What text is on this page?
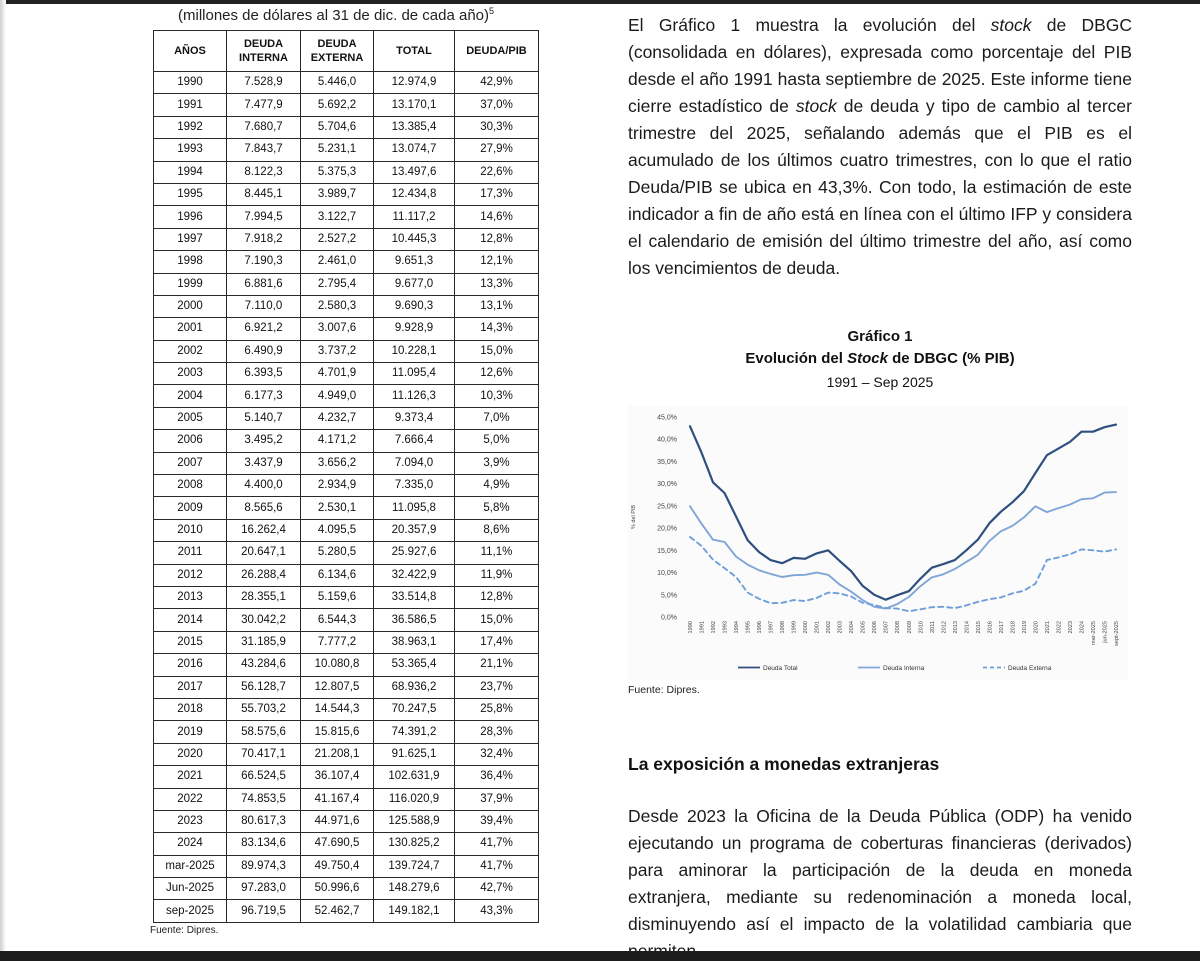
(millones de dólares al 31 de dic. de cada año)$^5$
AÑOS	DEUDA INTERNA	DEUDA EXTERNA	TOTAL	DEUDA/PIB
1990	7.528,9	5.446,0	12.974,9	42,9%
1991	7.477,9	5.692,2	13.170,1	37,0%
1992	7.680,7	5.704,6	13.385,4	30,3%
1993	7.843,7	5.231,1	13.074,7	27,9%
1994	8.122,3	5.375,3	13.497,6	22,6%
1995	8.445,1	3.989,7	12.434,8	17,3%
1996	7.994,5	3.122,7	11.117,2	14,6%
1997	7.918,2	2.527,2	10.445,3	12,8%
1998	7.190,3	2.461,0	9.651,3	12,1%
1999	6.881,6	2.795,4	9.677,0	13,3%
2000	7.110,0	2.580,3	9.690,3	13,1%
2001	6.921,2	3.007,6	9.928,9	14,3%
2002	6.490,9	3.737,2	10.228,1	15,0%
2003	6.393,5	4.701,9	11.095,4	12,6%
2004	6.177,3	4.949,0	11.126,3	10,3%
2005	5.140,7	4.232,7	9.373,4	7,0%
2006	3.495,2	4.171,2	7.666,4	5,0%
2007	3.437,9	3.656,2	7.094,0	3,9%
2008	4.400,0	2.934,9	7.335,0	4,9%
2009	8.565,6	2.530,1	11.095,8	5,8%
2010	16.262,4	4.095,5	20.357,9	8,6%
2011	20.647,1	5.280,5	25.927,6	11,1%
2012	26.288,4	6.134,6	32.422,9	11,9%
2013	28.355,1	5.159,6	33.514,8	12,8%
2014	30.042,2	6.544,3	36.586,5	15,0%
2015	31.185,9	7.777,2	38.963,1	17,4%
2016	43.284,6	10.080,8	53.365,4	21,1%
2017	56.128,7	12.807,5	68.936,2	23,7%
2018	55.703,2	14.544,3	70.247,5	25,8%
2019	58.575,6	15.815,6	74.391,2	28,3%
2020	70.417,1	21.208,1	91.625,1	32,4%
2021	66.524,5	36.107,4	102.631,9	36,4%
2022	74.853,5	41.167,4	116.020,9	37,9%
2023	80.617,3	44.971,6	125.588,9	39,4%
2024	83.134,6	47.690,5	130.825,2	41,7%
mar-2025	89.974,3	49.750,4	139.724,7	41,7%
Jun-2025	97.283,0	50.996,6	148.279,6	42,7%
sep-2025	96.719,5	52.462,7	149.182,1	43,3%
Fuente: Dipres.
El Gráfico 1 muestra la evolución del stock de DBGC (consolidada en dólares), expresada como porcentaje del PIB desde el año 1991 hasta septiembre de 2025. Este informe tiene cierre estadístico de stock de deuda y tipo de cambio al tercer trimestre del 2025, señalando además que el PIB es el acumulado de los últimos cuatro trimestres, con lo que el ratio Deuda/PIB se ubica en 43,3%. Con todo, la estimación de este indicador a fin de año está en línea con el último IFP y considera el calendario de emisión del último trimestre del año, así como los vencimientos de deuda.
Gráfico 1
Evolución del Stock de DBGC (% PIB)
1991 – Sep 2025
0,0%
5,0%
10,0%
15,0%
20,0%
25,0%
30,0%
35,0%
40,0%
45,0%
% del PIB
1990 1991 1992 1993 1994 1995 1996 1997 1998 1999 2000 2001 2002 2003 2004 2005 2006 2007 2008 2009 2010 2011 2012 2013 2014 2015 2016 2017 2018 2019 2020 2021 2022 2023 2024 mar-2025 jun-2025 sept-2025
Deuda Total	Deuda Interna	Deuda Externa
Fuente: Dipres.
La exposición a monedas extranjeras
Desde 2023 la Oficina de la Deuda Pública (ODP) ha venido ejecutando un programa de coberturas financieras (derivados) para aminorar la participación de la deuda en moneda extranjera, mediante su redenominación a moneda local, disminuyendo así el impacto de la volatilidad cambiaria que
